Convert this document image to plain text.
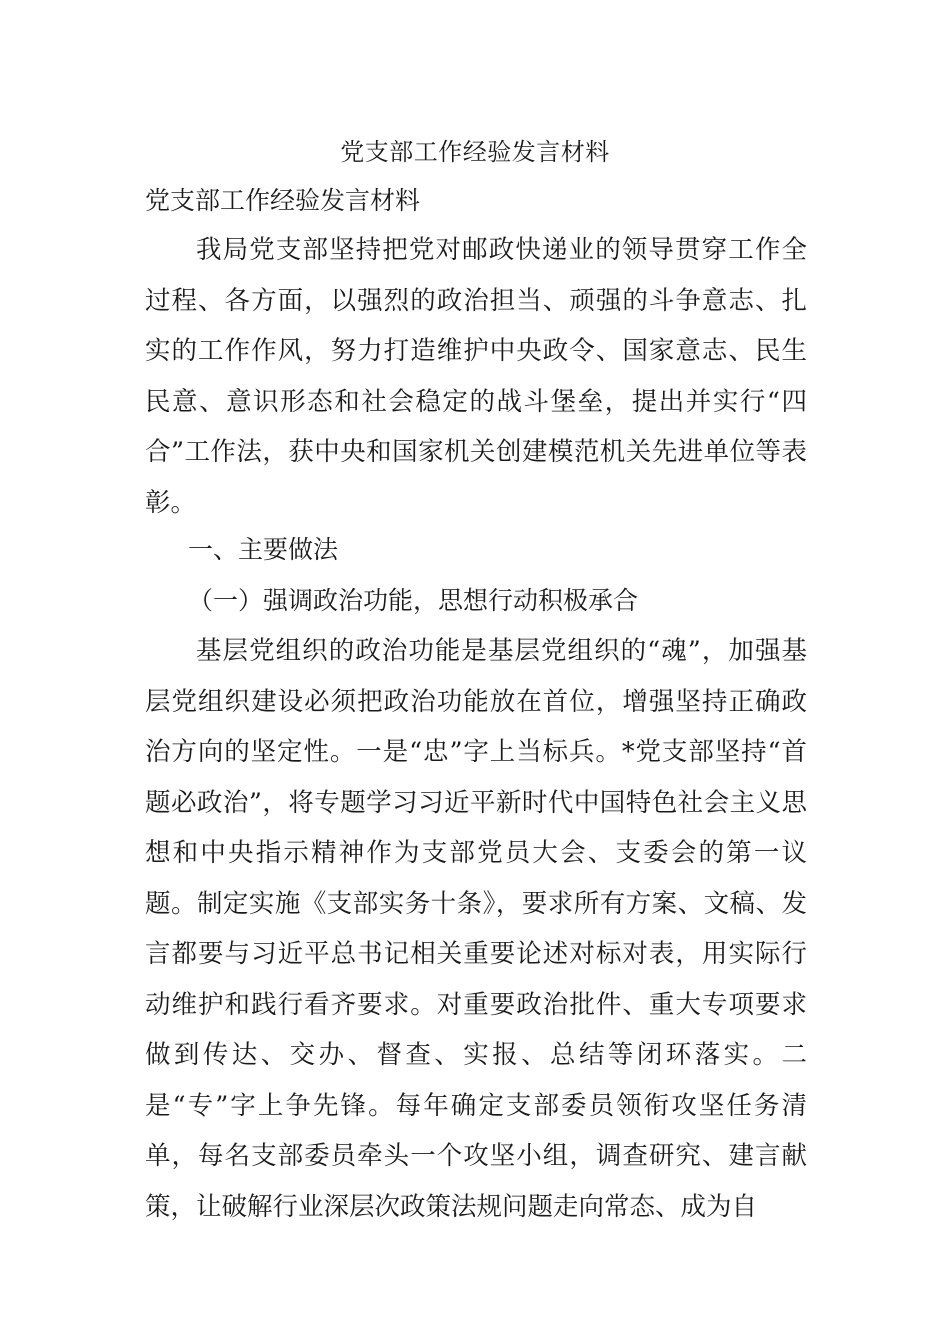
党支部工作经验发言材料
党支部工作经验发言材料

我局党支部坚持把党对邮政快递业的领导贯穿工作全过程、各方面，以强烈的政治担当、顽强的斗争意志、扎实的工作作风，努力打造维护中央政令、国家意志、民生民意、意识形态和社会稳定的战斗堡垒，提出并实行“四合”工作法，获中央和国家机关创建模范机关先进单位等表彰。

一、主要做法

（一）强调政治功能，思想行动积极承合

基层党组织的政治功能是基层党组织的“魂”，加强基层党组织建设必须把政治功能放在首位，增强坚持正确政治方向的坚定性。一是“忠”字上当标兵。*党支部坚持“首题必政治”，将专题学习习近平新时代中国特色社会主义思想和中央指示精神作为支部党员大会、支委会的第一议题。制定实施《支部实务十条》，要求所有方案、文稿、发言都要与习近平总书记相关重要论述对标对表，用实际行动维护和践行看齐要求。对重要政治批件、重大专项要求做到传达、交办、督查、实报、总结等闭环落实。二是“专”字上争先锋。每年确定支部委员领衔攻坚任务清单，每名支部委员牵头一个攻坚小组，调查研究、建言献策，让破解行业深层次政策法规问题走向常态、成为自
